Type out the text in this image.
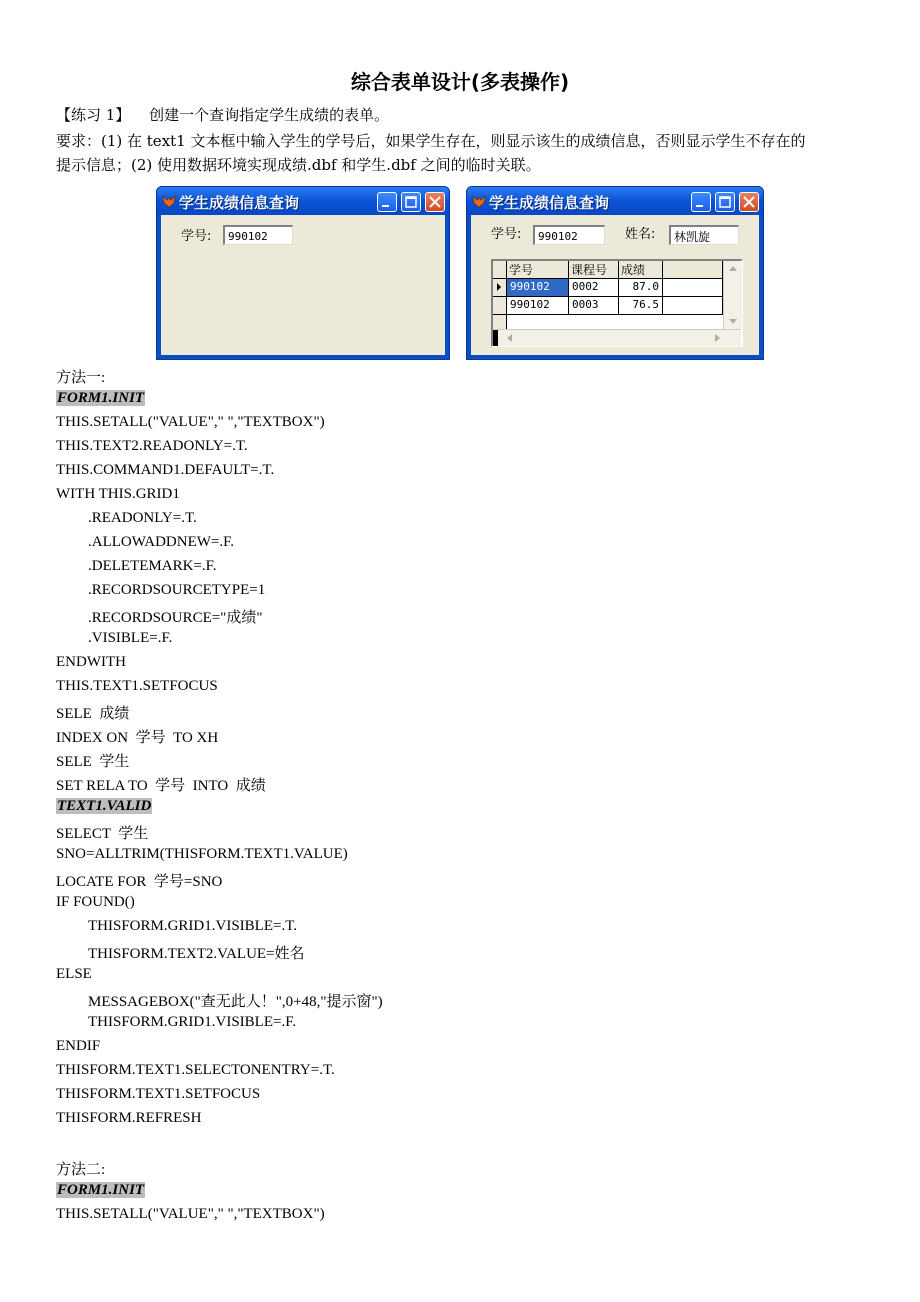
综合表单设计(多表操作)
【练习 1】 创建一个查询指定学生成绩的表单。
要求：(1) 在 text1 文本框中输入学生的学号后，如果学生存在，则显示该生的成绩信息，否则显示学生不存在的
提示信息；(2) 使用数据环境实现成绩.dbf 和学生.dbf 之间的临时关联。
学生成绩信息查询
学号:	990102
学生成绩信息查询
学号:	990102	姓名:	林凯旋
学号	课程号	成绩
990102	0002	87.0
990102	0003	76.5
方法一:
FORM1.INIT
THIS.SETALL("VALUE"," ","TEXTBOX")
THIS.TEXT2.READONLY=.T.
THIS.COMMAND1.DEFAULT=.T.
WITH THIS.GRID1
.READONLY=.T.
.ALLOWADDNEW=.F.
.DELETEMARK=.F.
.RECORDSOURCETYPE=1
.RECORDSOURCE="成绩"
.VISIBLE=.F.
ENDWITH
THIS.TEXT1.SETFOCUS
SELE  成绩
INDEX ON  学号  TO XH
SELE  学生
SET RELA TO  学号  INTO  成绩
TEXT1.VALID
SELECT  学生
SNO=ALLTRIM(THISFORM.TEXT1.VALUE)
LOCATE FOR  学号=SNO
IF FOUND()
THISFORM.GRID1.VISIBLE=.T.
THISFORM.TEXT2.VALUE=姓名
ELSE
MESSAGEBOX("查无此人！",0+48,"提示窗")
THISFORM.GRID1.VISIBLE=.F.
ENDIF
THISFORM.TEXT1.SELECTONENTRY=.T.
THISFORM.TEXT1.SETFOCUS
THISFORM.REFRESH
方法二:
FORM1.INIT
THIS.SETALL("VALUE"," ","TEXTBOX")
